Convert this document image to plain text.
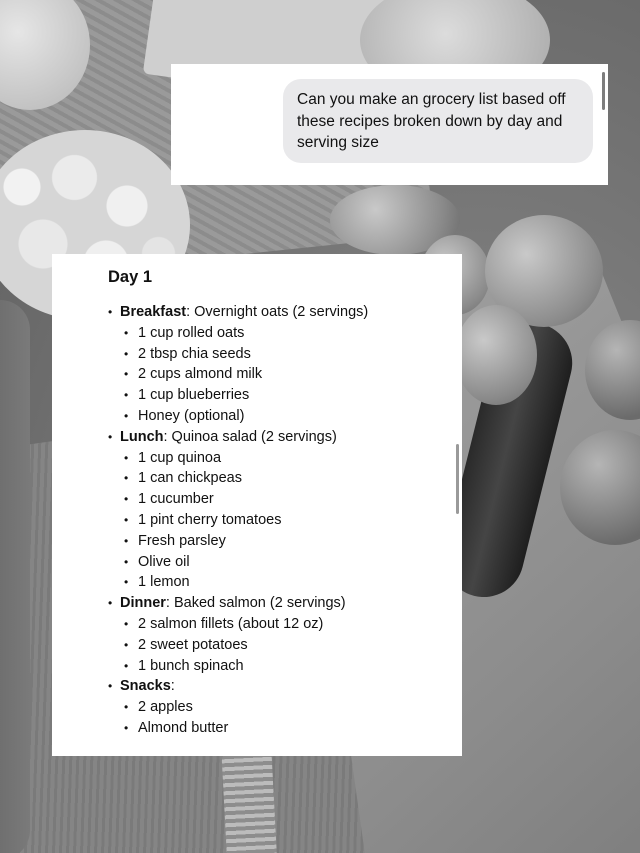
Can you make an grocery list based off these recipes broken down by day and serving size
Day 1
• Breakfast: Overnight oats (2 servings)
• 1 cup rolled oats
• 2 tbsp chia seeds
• 2 cups almond milk
• 1 cup blueberries
• Honey (optional)
• Lunch: Quinoa salad (2 servings)
• 1 cup quinoa
• 1 can chickpeas
• 1 cucumber
• 1 pint cherry tomatoes
• Fresh parsley
• Olive oil
• 1 lemon
• Dinner: Baked salmon (2 servings)
• 2 salmon fillets (about 12 oz)
• 2 sweet potatoes
• 1 bunch spinach
• Snacks:
• 2 apples
• Almond butter
